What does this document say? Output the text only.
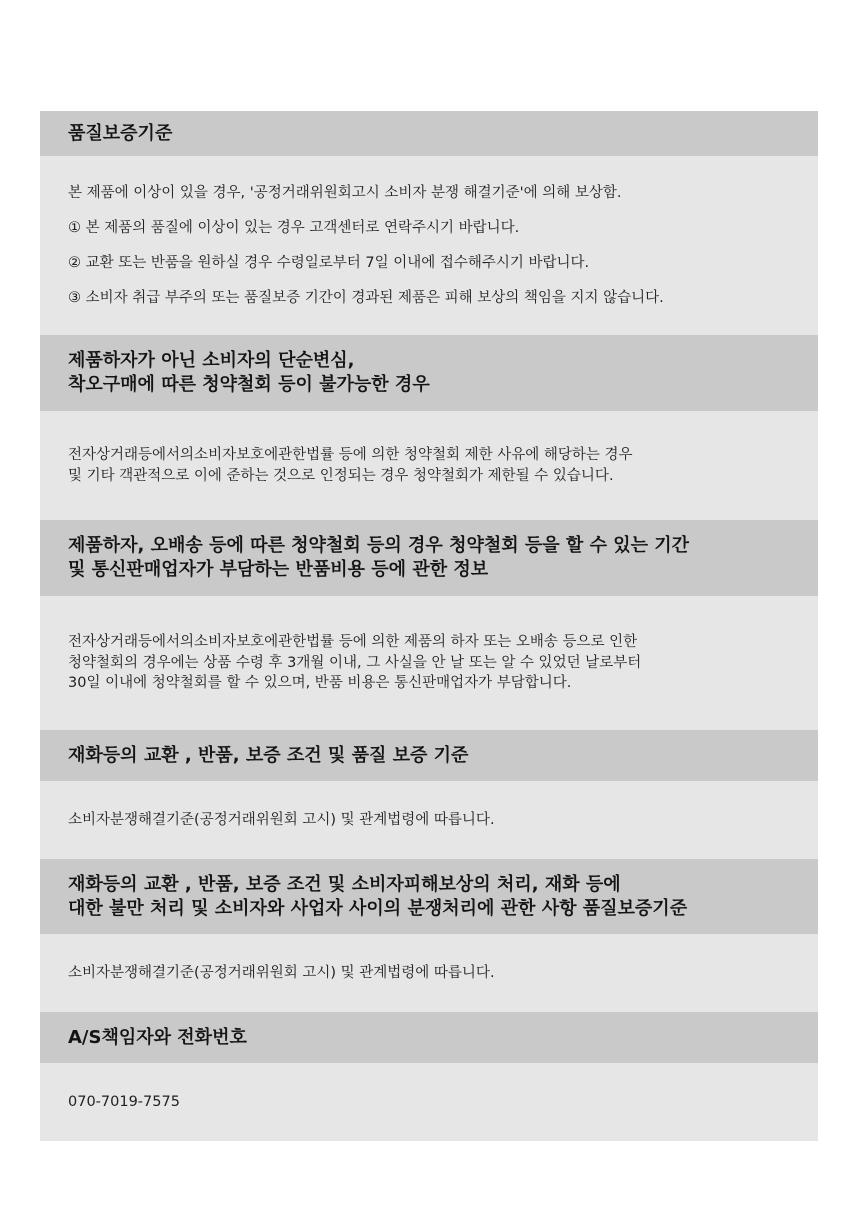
품질보증기준
본 제품에 이상이 있을 경우, '공정거래위원회고시 소비자 분쟁 해결기준'에 의해 보상함.
① 본 제품의 품질에 이상이 있는 경우 고객센터로 연락주시기 바랍니다.
② 교환 또는 반품을 원하실 경우 수령일로부터 7일 이내에 접수해주시기 바랍니다.
③ 소비자 취급 부주의 또는 품질보증 기간이 경과된 제품은 피해 보상의 책임을 지지 않습니다.
제품하자가 아닌 소비자의 단순변심,
착오구매에 따른 청약철회 등이 불가능한 경우
전자상거래등에서의소비자보호에관한법률 등에 의한 청약철회 제한 사유에 해당하는 경우
및 기타 객관적으로 이에 준하는 것으로 인정되는 경우 청약철회가 제한될 수 있습니다.
제품하자, 오배송 등에 따른 청약철회 등의 경우 청약철회 등을 할 수 있는 기간
및 통신판매업자가 부담하는 반품비용 등에 관한 정보
전자상거래등에서의소비자보호에관한법률 등에 의한 제품의 하자 또는 오배송 등으로 인한
청약철회의 경우에는 상품 수령 후 3개월 이내, 그 사실을 안 날 또는 알 수 있었던 날로부터
30일 이내에 청약철회를 할 수 있으며, 반품 비용은 통신판매업자가 부담합니다.
재화등의 교환 , 반품, 보증 조건 및 품질 보증 기준
소비자분쟁해결기준(공정거래위원회 고시) 및 관계법령에 따릅니다.
재화등의 교환 , 반품, 보증 조건 및 소비자피해보상의 처리, 재화 등에
대한 불만 처리 및 소비자와 사업자 사이의 분쟁처리에 관한 사항 품질보증기준
소비자분쟁해결기준(공정거래위원회 고시) 및 관계법령에 따릅니다.
A/S책임자와 전화번호
070-7019-7575
